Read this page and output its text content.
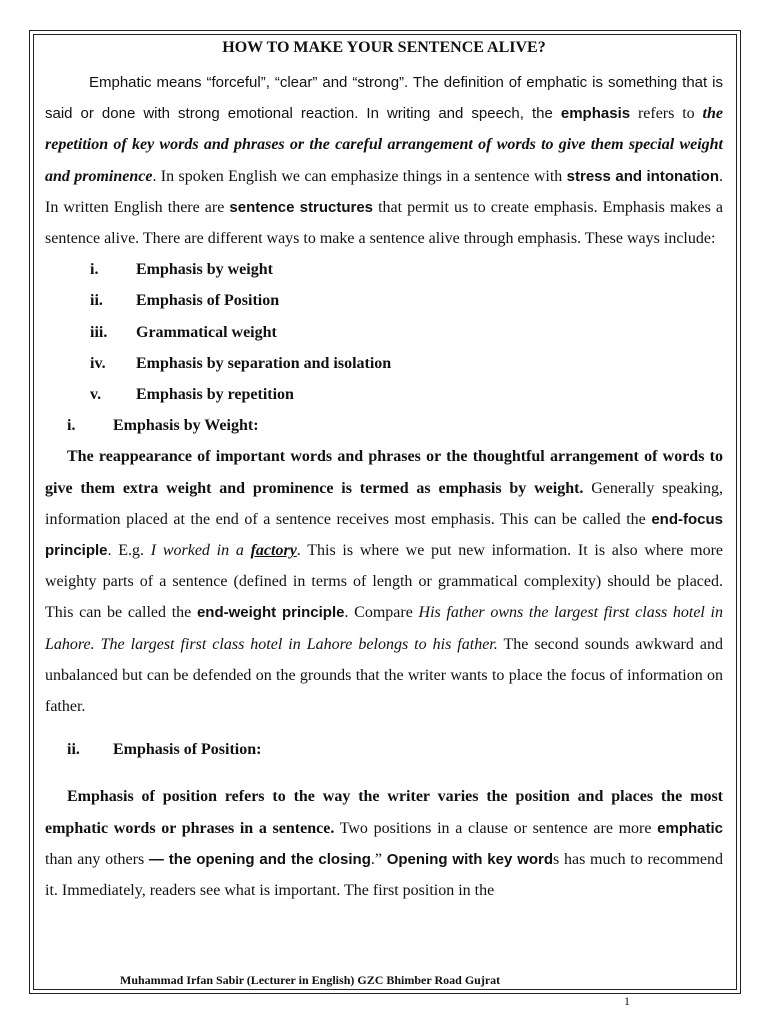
HOW TO MAKE YOUR SENTENCE ALIVE?

Emphatic means “forceful”, “clear” and “strong”. The definition of emphatic is something that is said or done with strong emotional reaction. In writing and speech, the emphasis refers to the repetition of key words and phrases or the careful arrangement of words to give them special weight and prominence. In spoken English we can emphasize things in a sentence with stress and intonation. In written English there are sentence structures that permit us to create emphasis. Emphasis makes a sentence alive. There are different ways to make a sentence alive through emphasis. These ways include:

i. Emphasis by weight
ii. Emphasis of Position
iii. Grammatical weight
iv. Emphasis by separation and isolation
v. Emphasis by repetition
i. Emphasis by Weight:

The reappearance of important words and phrases or the thoughtful arrangement of words to give them extra weight and prominence is termed as emphasis by weight. Generally speaking, information placed at the end of a sentence receives most emphasis. This can be called the end-focus principle. E.g. I worked in a factory. This is where we put new information. It is also where more weighty parts of a sentence (defined in terms of length or grammatical complexity) should be placed. This can be called the end-weight principle. Compare His father owns the largest first class hotel in Lahore. The largest first class hotel in Lahore belongs to his father. The second sounds awkward and unbalanced but can be defended on the grounds that the writer wants to place the focus of information on father.

ii. Emphasis of Position:

Emphasis of position refers to the way the writer varies the position and places the most emphatic words or phrases in a sentence. Two positions in a clause or sentence are more emphatic than any others — the opening and the closing.” Opening with key words has much to recommend it. Immediately, readers see what is important. The first position in the

Muhammad Irfan Sabir (Lecturer in English) GZC Bhimber Road Gujrat
1
